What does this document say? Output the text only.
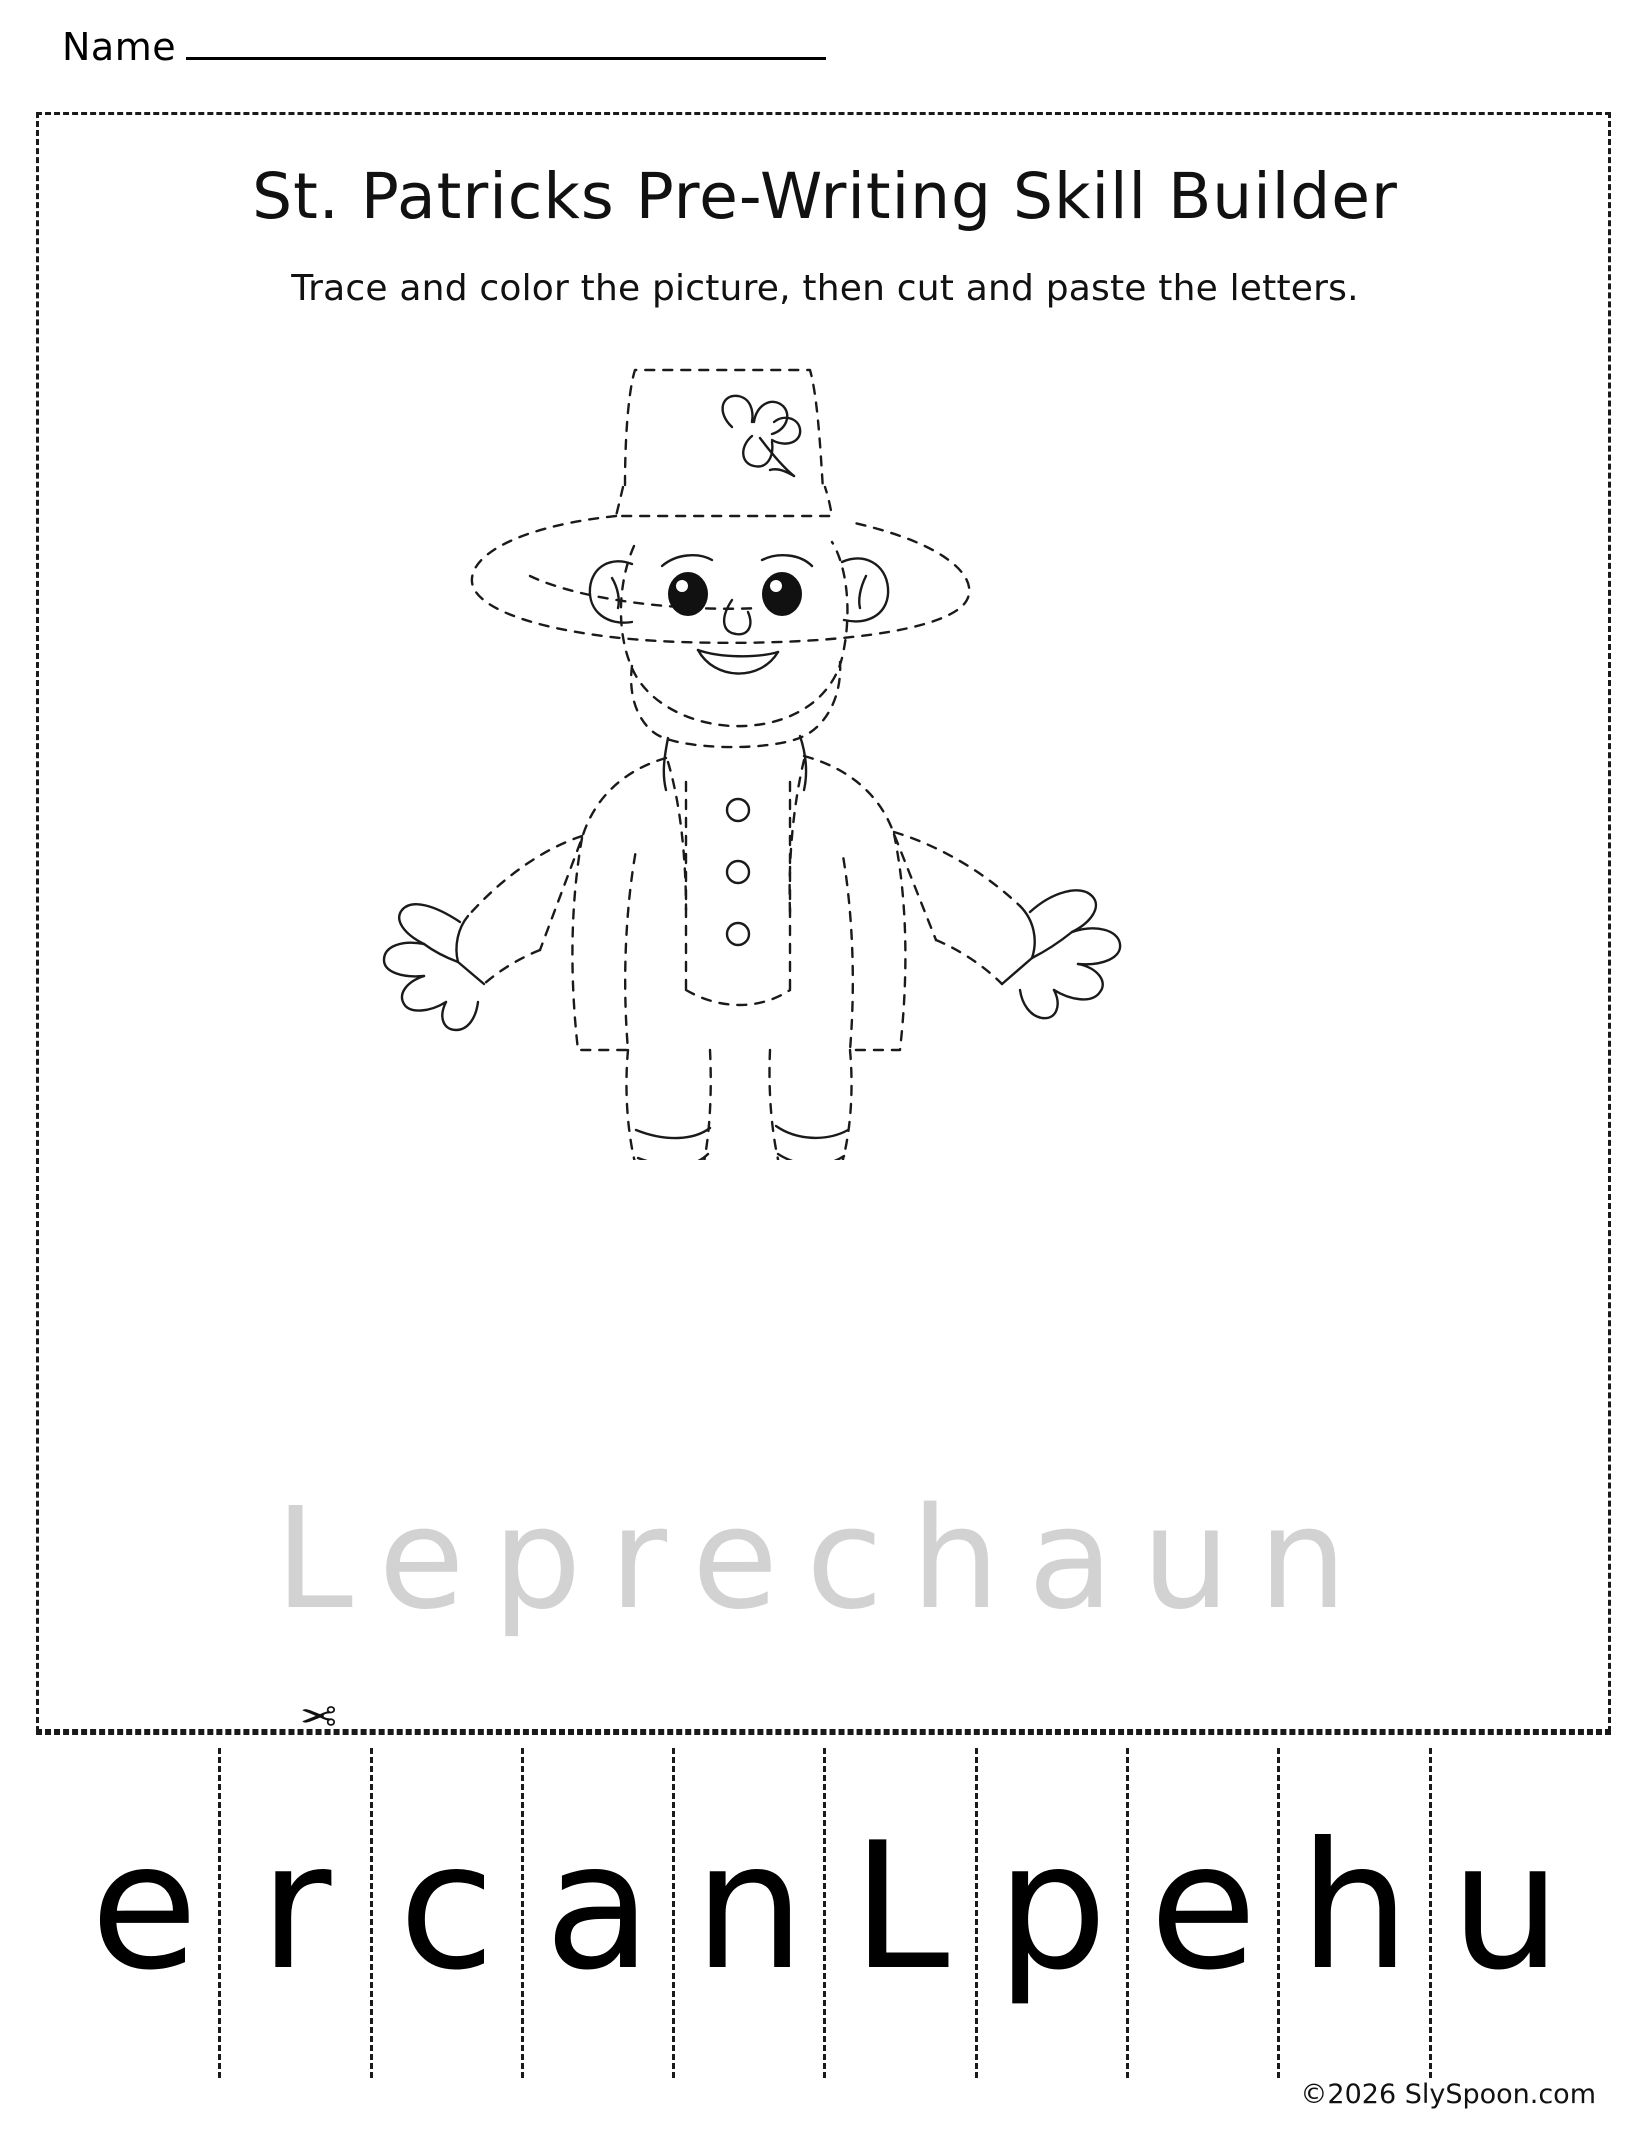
Name
St. Patricks Pre-Writing Skill Builder
Trace and color the picture, then cut and paste the letters.
Leprechaun
✂
e r c a n L p e h u
©2026 SlySpoon.com
